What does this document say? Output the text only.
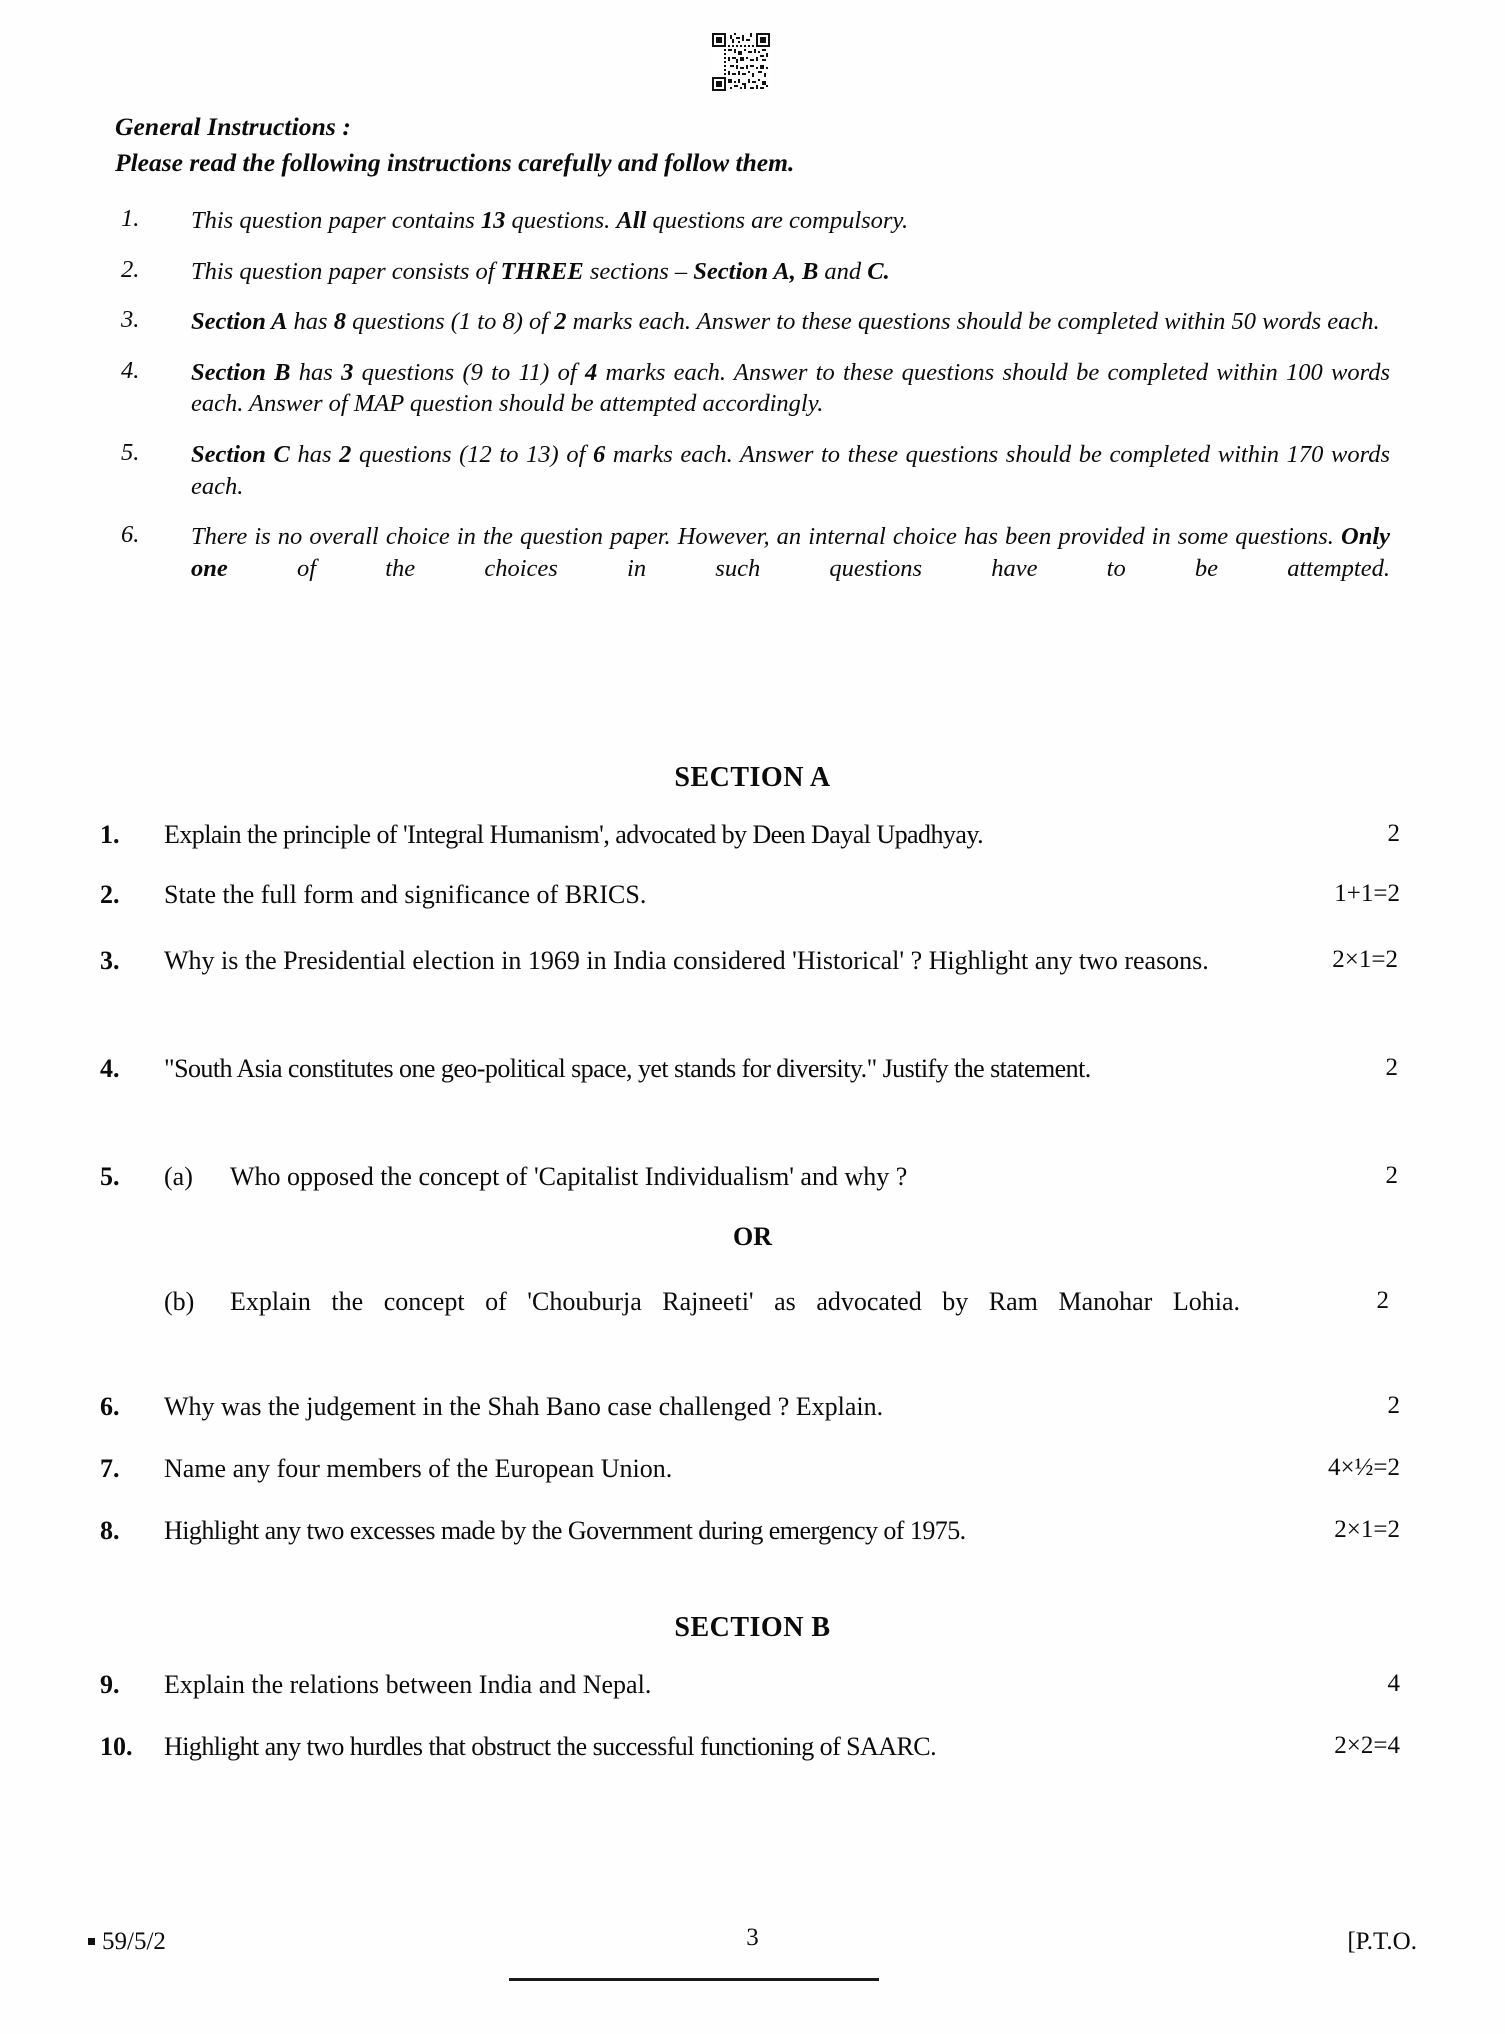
General Instructions :
Please read the following instructions carefully and follow them.
1.	This question paper contains 13 questions. All questions are compulsory.
2.	This question paper consists of THREE sections – Section A, B and C.
3.	Section A has 8 questions (1 to 8) of 2 marks each. Answer to these questions should be completed within 50 words each.
4.	Section B has 3 questions (9 to 11) of 4 marks each. Answer to these questions should be completed within 100 words each. Answer of MAP question should be attempted accordingly.
5.	Section C has 2 questions (12 to 13) of 6 marks each. Answer to these questions should be completed within 170 words each.
6.	There is no overall choice in the question paper. However, an internal choice has been provided in some questions. Only one of the choices in such questions have to be attempted.
SECTION A
1.	Explain the principle of 'Integral Humanism', advocated by Deen Dayal Upadhyay.	2
2.	State the full form and significance of BRICS.	1+1=2
3.	Why is the Presidential election in 1969 in India considered 'Historical' ? Highlight any two reasons.	2×1=2
4.	"South Asia constitutes one geo-political space, yet stands for diversity." Justify the statement.	2
5.	(a)	Who opposed the concept of 'Capitalist Individualism' and why ?	2
OR
(b)	Explain the concept of 'Chouburja Rajneeti' as advocated by Ram Manohar Lohia.	2
6.	Why was the judgement in the Shah Bano case challenged ? Explain.	2
7.	Name any four members of the European Union.	4×½=2
8.	Highlight any two excesses made by the Government during emergency of 1975.	2×1=2
SECTION B
9.	Explain the relations between India and Nepal.	4
10.	Highlight any two hurdles that obstruct the successful functioning of SAARC.	2×2=4
59/5/2	3	[P.T.O.
